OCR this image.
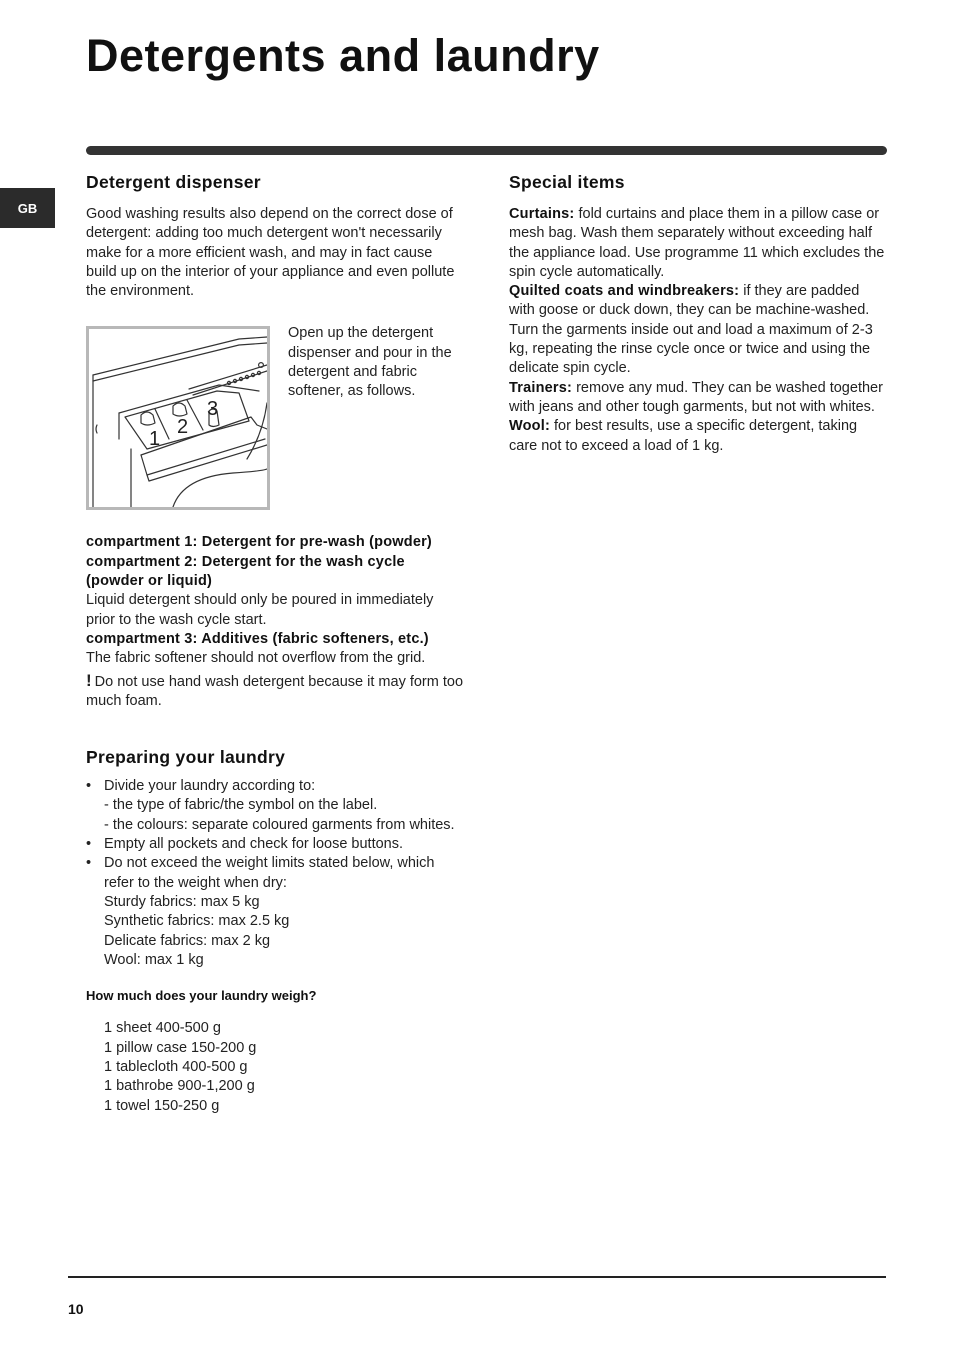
Detergents and laundry
GB
Detergent dispenser

Good washing results also depend on the correct dose of detergent: adding too much detergent won't necessarily make for a more efficient wash, and may in fact cause build up on the interior of your appliance and even pollute the environment.

1
2
3

Open up the detergent dispenser and pour in the detergent and fabric softener, as follows.

compartment 1: Detergent for pre-wash (powder)

compartment 2: Detergent for the wash cycle (powder or liquid)

Liquid detergent should only be poured in immediately prior to the wash cycle start.

compartment 3: Additives (fabric softeners, etc.)

The fabric softener should not overflow from the grid.

! Do not use hand wash detergent because it may form too much foam.

Preparing your laundry
• Divide your laundry according to:
- the type of fabric/the symbol on the label.
- the colours: separate coloured garments from whites.
• Empty all pockets and check for loose buttons.
• Do not exceed the weight limits stated below, which refer to the weight when dry:
Sturdy fabrics: max 5 kg
Synthetic fabrics: max 2.5 kg
Delicate fabrics: max 2 kg
Wool: max 1 kg

How much does your laundry weigh?

1 sheet 400-500 g

1 pillow case 150-200 g

1 tablecloth 400-500 g

1 bathrobe 900-1,200 g

1 towel 150-250 g

Special items

Curtains: fold curtains and place them in a pillow case or mesh bag. Wash them separately without exceeding half the appliance load. Use programme 11 which excludes the spin cycle automatically.

Quilted coats and windbreakers: if they are padded with goose or duck down, they can be machine-washed. Turn the garments inside out and load a maximum of 2-3 kg, repeating the rinse cycle once or twice and using the delicate spin cycle.

Trainers: remove any mud. They can be washed together with jeans and other tough garments, but not with whites.

Wool: for best results, use a specific detergent, taking care not to exceed a load of 1 kg.

10
